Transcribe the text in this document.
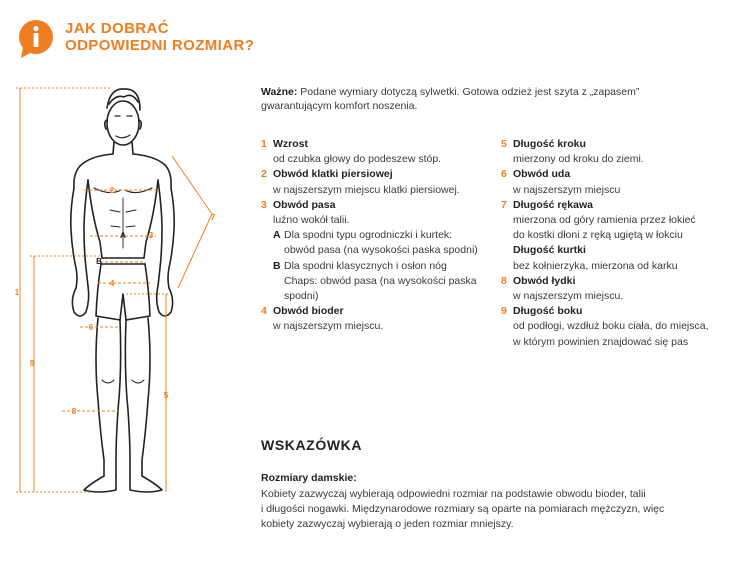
JAK DOBRAĆ
ODPOWIEDNI ROZMIAR?
1
2
3
4
5
6
7
8
9
A
B
Ważne: Podane wymiary dotyczą sylwetki. Gotowa odzież jest szyta z „zapasem”
gwarantującym komfort noszenia.
1 Wzrost
od czubka głowy do podeszew stóp.
2 Obwód klatki piersiowej
w najszerszym miejscu klatki piersiowej.
3 Obwód pasa
luźno wokół talii.
A Dla spodni typu ogrodniczki i kurtek:
obwód pasa (na wysokości paska spodni)
B Dla spodni klasycznych i osłon nóg
Chaps: obwód pasa (na wysokości paska
spodni)
4 Obwód bioder
w najszerszym miejscu.
5 Długość kroku
mierzony od kroku do ziemi.
6 Obwód uda
w najszerszym miejscu
7 Długość rękawa
mierzona od góry ramienia przez łokieć
do kostki dłoni z ręką ugiętą w łokciu
Długość kurtki
bez kołnierzyka, mierzona od karku
8 Obwód łydki
w najszerszym miejscu.
9 Długość boku
od podłogi, wzdłuż boku ciała, do miejsca,
w którym powinien znajdować się pas
WSKAZÓWKA
Rozmiary damskie:
Kobiety zazwyczaj wybierają odpowiedni rozmiar na podstawie obwodu bioder, talii
i długości nogawki. Międzynarodowe rozmiary są oparte na pomiarach mężczyzn, więc
kobiety zazwyczaj wybierają o jeden rozmiar mniejszy.
